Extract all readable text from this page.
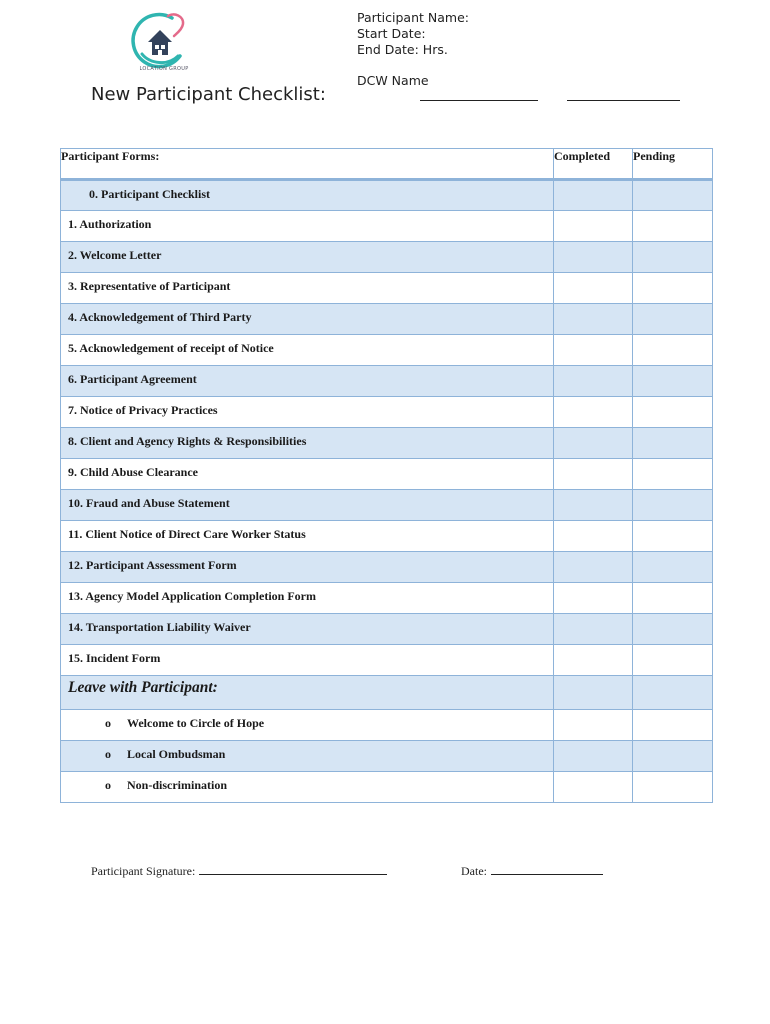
LOCATION GROUP
Participant Name:
Start Date:
End Date: Hrs.
DCW Name
New Participant Checklist:
Participant Forms:	Completed	Pending
0. Participant Checklist		
1. Authorization		
2. Welcome Letter		
3. Representative of Participant		
4. Acknowledgement of Third Party		
5. Acknowledgement of receipt of Notice		
6. Participant Agreement		
7. Notice of Privacy Practices		
8. Client and Agency Rights & Responsibilities		
9. Child Abuse Clearance		
10. Fraud and Abuse Statement		
11. Client Notice of Direct Care Worker Status		
12. Participant Assessment Form		
13. Agency Model Application Completion Form		
14. Transportation Liability Waiver		
15. Incident Form		
Leave with Participant:		
o Welcome to Circle of Hope		
o Local Ombudsman		
o Non-discrimination		
Participant Signature:	Date:
